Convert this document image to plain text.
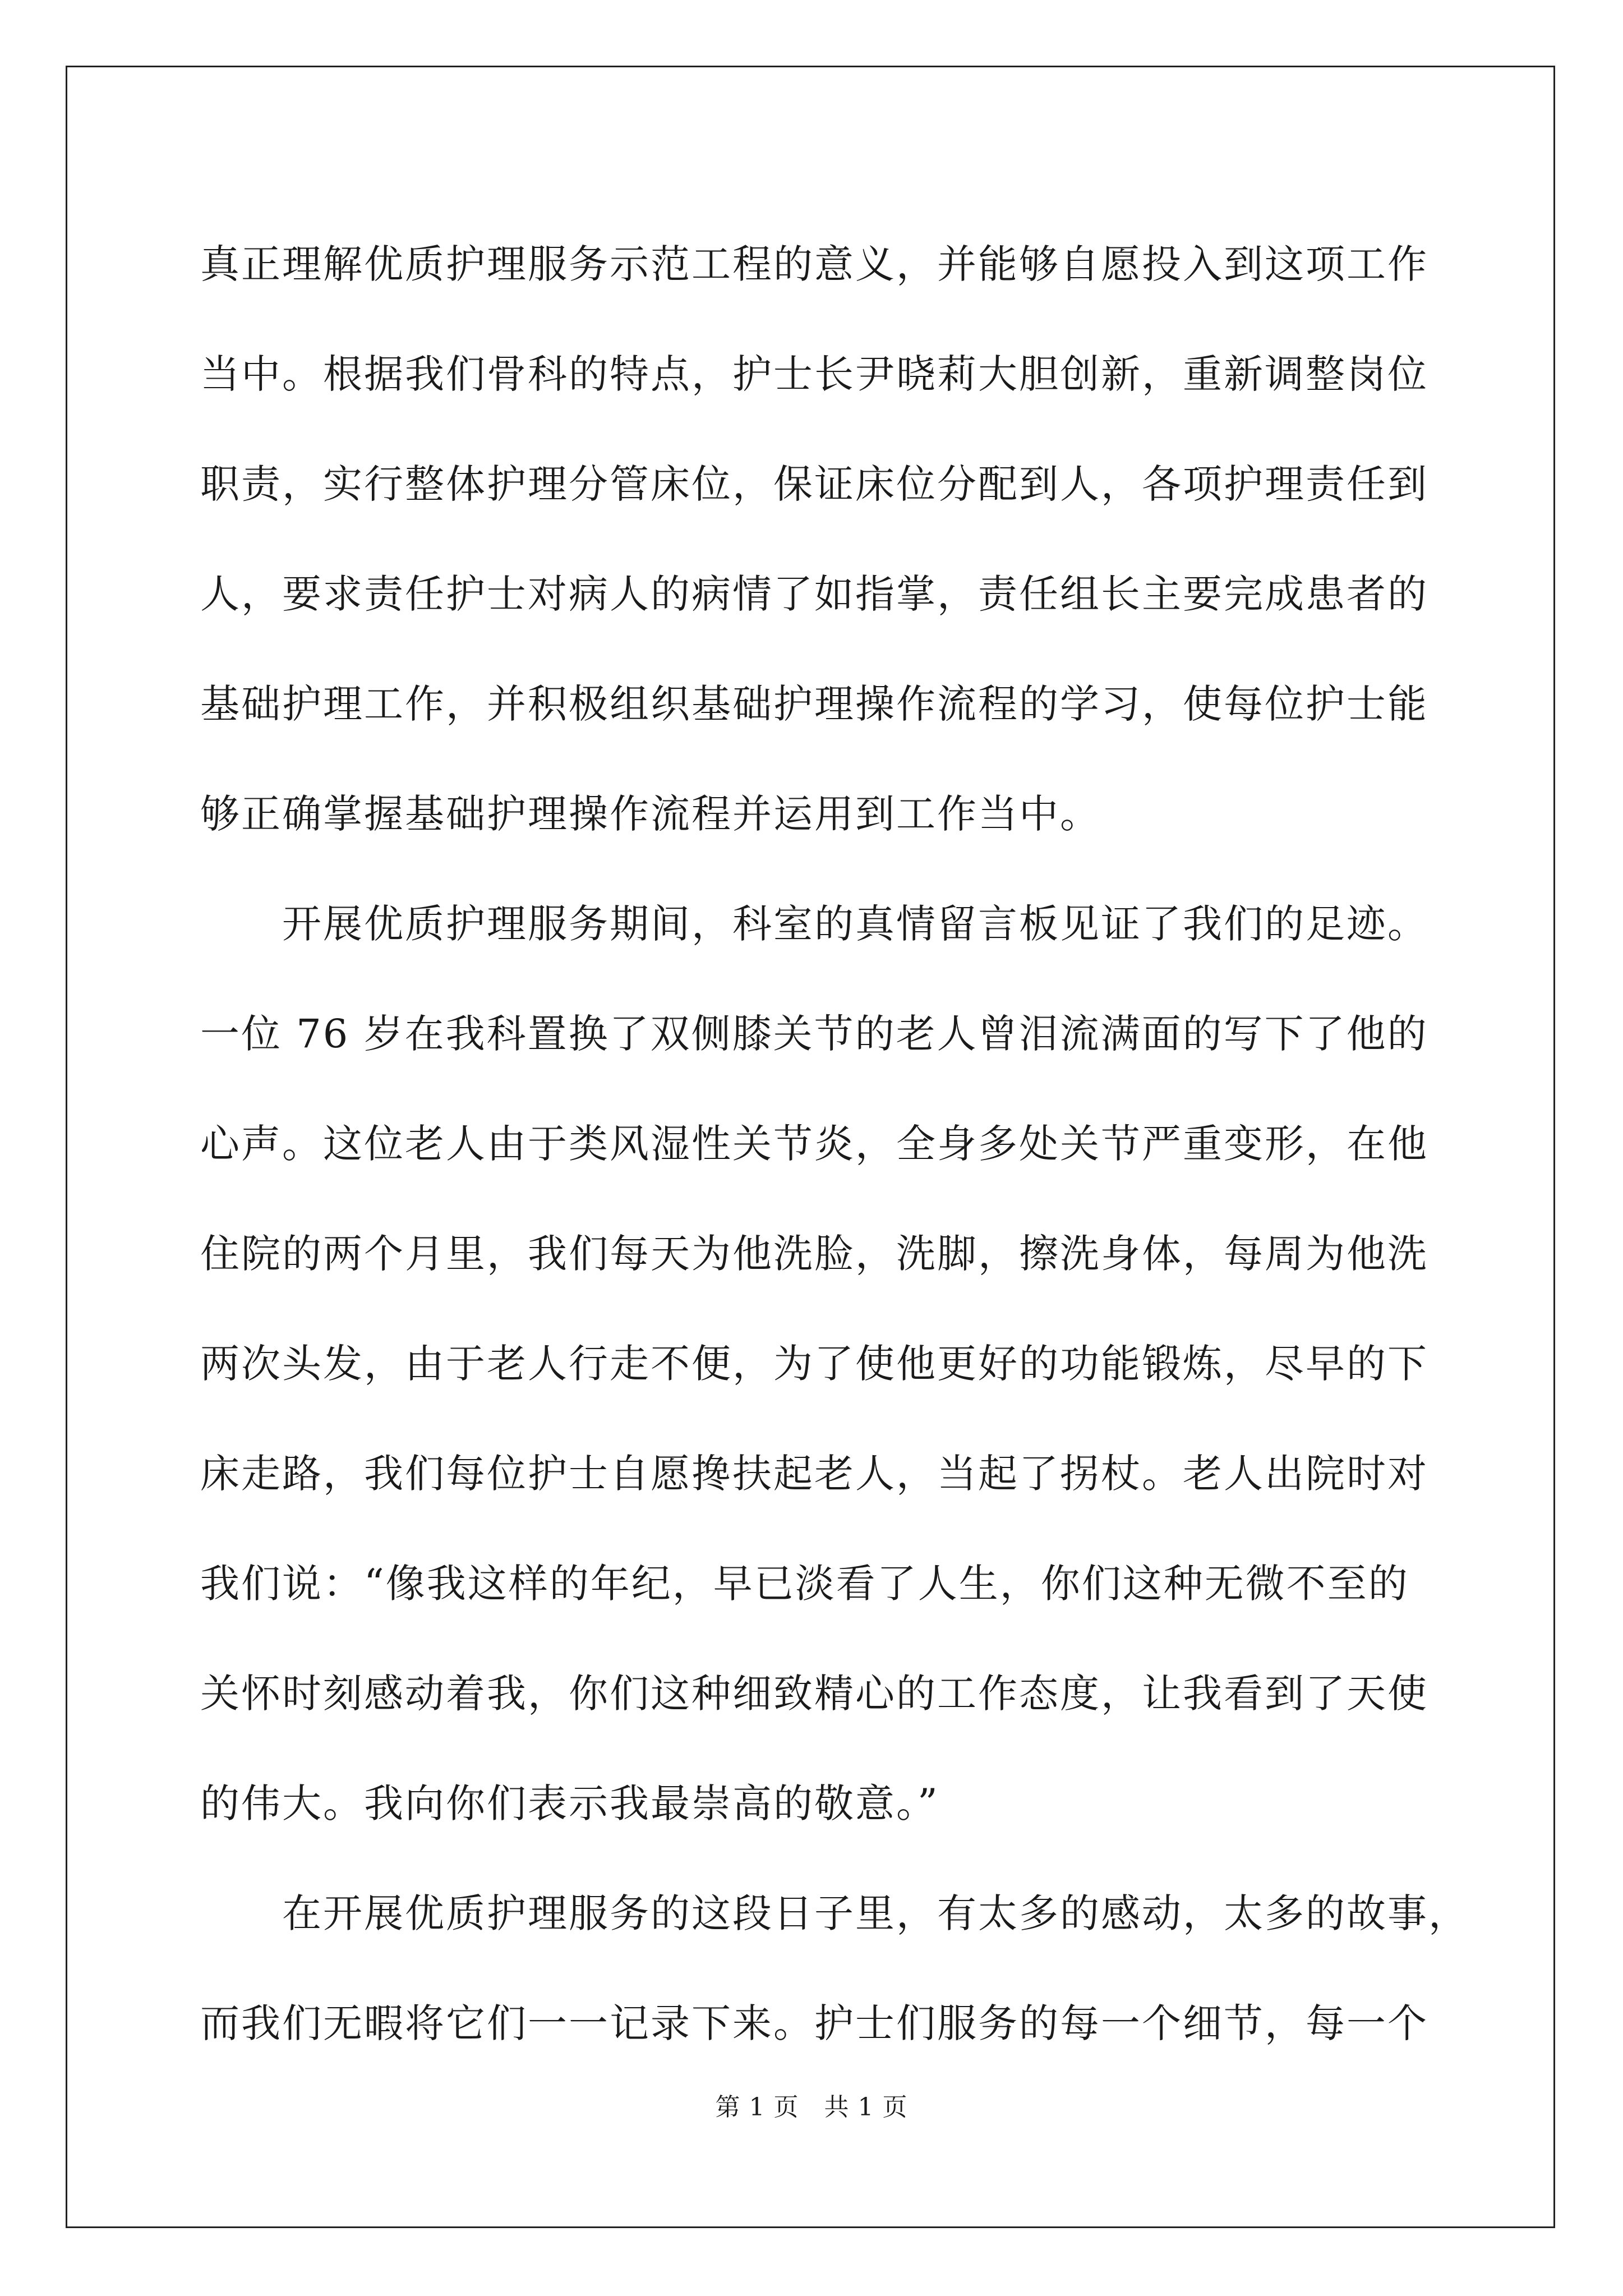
真正理解优质护理服务示范工程的意义，并能够自愿投入到这项工作
当中。根据我们骨科的特点，护士长尹晓莉大胆创新，重新调整岗位
职责，实行整体护理分管床位，保证床位分配到人，各项护理责任到
人，要求责任护士对病人的病情了如指掌，责任组长主要完成患者的
基础护理工作，并积极组织基础护理操作流程的学习，使每位护士能
够正确掌握基础护理操作流程并运用到工作当中。
　　开展优质护理服务期间，科室的真情留言板见证了我们的足迹。
一位 76 岁在我科置换了双侧膝关节的老人曾泪流满面的写下了他的
心声。这位老人由于类风湿性关节炎，全身多处关节严重变形，在他
住院的两个月里，我们每天为他洗脸，洗脚，擦洗身体，每周为他洗
两次头发，由于老人行走不便，为了使他更好的功能锻炼，尽早的下
床走路，我们每位护士自愿搀扶起老人，当起了拐杖。老人出院时对
我们说：“像我这样的年纪，早已淡看了人生，你们这种无微不至的
关怀时刻感动着我，你们这种细致精心的工作态度，让我看到了天使
的伟大。我向你们表示我最崇高的敬意。”
　　在开展优质护理服务的这段日子里，有太多的感动，太多的故事，
而我们无暇将它们一一记录下来。护士们服务的每一个细节，每一个
第 1 页　共 1 页
